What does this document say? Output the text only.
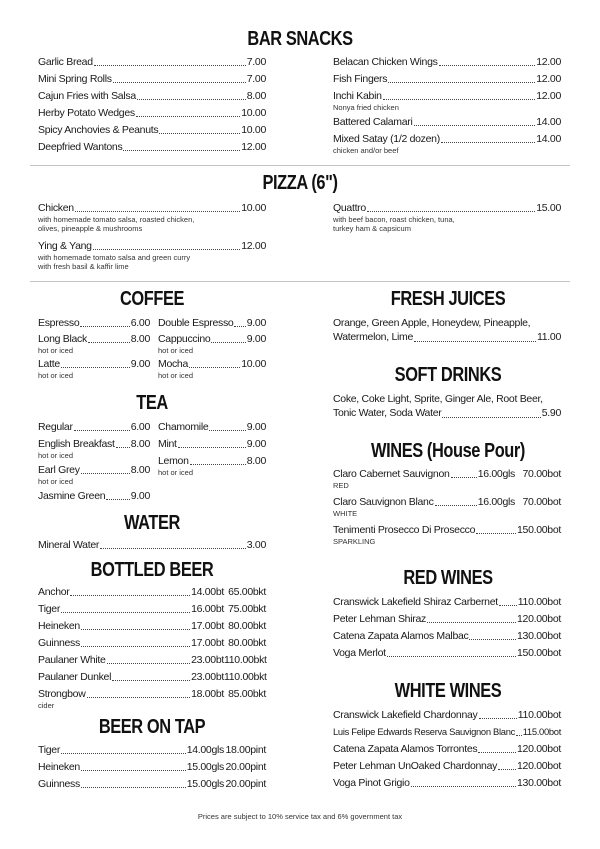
BAR SNACKS
Garlic Bread	7.00
Mini Spring Rolls	7.00
Cajun Fries with Salsa	8.00
Herby Potato Wedges	10.00
Spicy Anchovies & Peanuts	10.00
Deepfried Wantons	12.00
Belacan Chicken Wings	12.00
Fish Fingers	12.00
Inchi Kabin	12.00
Nonya fried chicken
Battered Calamari	14.00
Mixed Satay (1/2 dozen)	14.00
chicken and/or beef
PIZZA (6")
Chicken	10.00
with homemade tomato salsa, roasted chicken,
olives, pineapple & mushrooms
Ying & Yang	12.00
with homemade tomato salsa and green curry
with fresh basil & kaffir lime
Quattro	15.00
with beef bacon, roast chicken, tuna,
turkey ham & capsicum
COFFEE
Espresso	6.00
Long Black	8.00
hot or iced
Latte	9.00
hot or iced
Double Espresso 9.00
Cappuccino	9.00
hot or iced
Mocha	10.00
hot or iced
TEA
Regular	6.00
English Breakfast 8.00
hot or iced
Earl Grey	8.00
hot or iced
Jasmine Green 9.00
Chamomile	9.00
Mint	9.00
Lemon	8.00
hot or iced
WATER
Mineral Water	3.00
BOTTLED BEER
Anchor	14.00bt 65.00bkt
Tiger	16.00bt 75.00bkt
Heineken	17.00bt 80.00bkt
Guinness	17.00bt 80.00bkt
Paulaner White	23.00bt 110.00bkt
Paulaner Dunkel	23.00bt 110.00bkt
Strongbow	18.00bt 85.00bkt
cider
BEER ON TAP
Tiger	14.00gls 18.00pint
Heineken	15.00gls 20.00pint
Guinness	15.00gls 20.00pint
FRESH JUICES
Orange, Green Apple, Honeydew, Pineapple,
Watermelon, Lime	11.00
SOFT DRINKS
Coke, Coke Light, Sprite, Ginger Ale, Root Beer,
Tonic Water, Soda Water	5.90
WINES (House Pour)
Claro Cabernet Sauvignon	16.00gls 70.00bot
RED
Claro Sauvignon Blanc	16.00gls 70.00bot
WHITE
Tenimenti Prosecco Di Prosecco	150.00bot
SPARKLING
RED WINES
Cranswick Lakefield Shiraz Carbernet 110.00bot
Peter Lehman Shiraz	120.00bot
Catena Zapata Alamos Malbac	130.00bot
Voga Merlot	150.00bot
WHITE WINES
Cranswick Lakefield Chardonnay	110.00bot
Luis Felipe Edwards Reserva Sauvignon Blanc 115.00bot
Catena Zapata Alamos Torrontes	120.00bot
Peter Lehman UnOaked Chardonnay 120.00bot
Voga Pinot Grigio	130.00bot
Prices are subject to 10% service tax and 6% government tax
